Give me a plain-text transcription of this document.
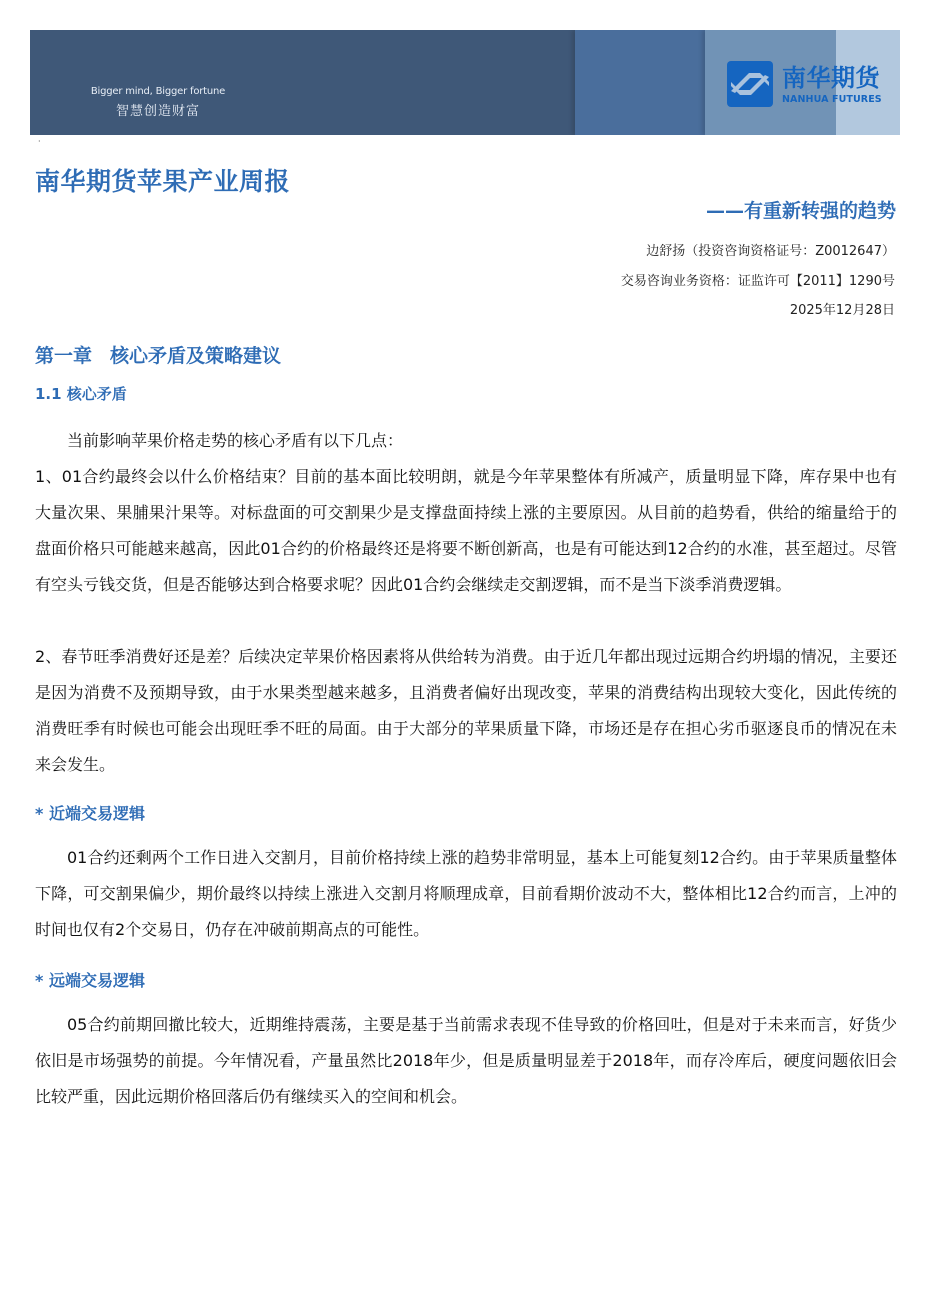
Bigger mind, Bigger fortune
智慧创造财富
南华期货
NANHUA FUTURES
·
南华期货苹果产业周报
——有重新转强的趋势
边舒扬（投资咨询资格证号：Z0012647）
交易咨询业务资格：证监许可【2011】1290号
2025年12月28日
第一章 核心矛盾及策略建议
1.1 核心矛盾
当前影响苹果价格走势的核心矛盾有以下几点：
1、01合约最终会以什么价格结束？目前的基本面比较明朗，就是今年苹果整体有所减产，质量明显下降，库存果中也有大量次果、果脯果汁果等。对标盘面的可交割果少是支撑盘面持续上涨的主要原因。从目前的趋势看，供给的缩量给于的盘面价格只可能越来越高，因此01合约的价格最终还是将要不断创新高，也是有可能达到12合约的水准，甚至超过。尽管有空头亏钱交货，但是否能够达到合格要求呢？因此01合约会继续走交割逻辑，而不是当下淡季消费逻辑。
2、春节旺季消费好还是差？后续决定苹果价格因素将从供给转为消费。由于近几年都出现过远期合约坍塌的情况，主要还是因为消费不及预期导致，由于水果类型越来越多，且消费者偏好出现改变，苹果的消费结构出现较大变化，因此传统的消费旺季有时候也可能会出现旺季不旺的局面。由于大部分的苹果质量下降，市场还是存在担心劣币驱逐良币的情况在未来会发生。
* 近端交易逻辑
01合约还剩两个工作日进入交割月，目前价格持续上涨的趋势非常明显，基本上可能复刻12合约。由于苹果质量整体下降，可交割果偏少，期价最终以持续上涨进入交割月将顺理成章，目前看期价波动不大，整体相比12合约而言，上冲的时间也仅有2个交易日，仍存在冲破前期高点的可能性。
* 远端交易逻辑
05合约前期回撤比较大，近期维持震荡，主要是基于当前需求表现不佳导致的价格回吐，但是对于未来而言，好货少依旧是市场强势的前提。今年情况看，产量虽然比2018年少，但是质量明显差于2018年，而存冷库后，硬度问题依旧会比较严重，因此远期价格回落后仍有继续买入的空间和机会。
